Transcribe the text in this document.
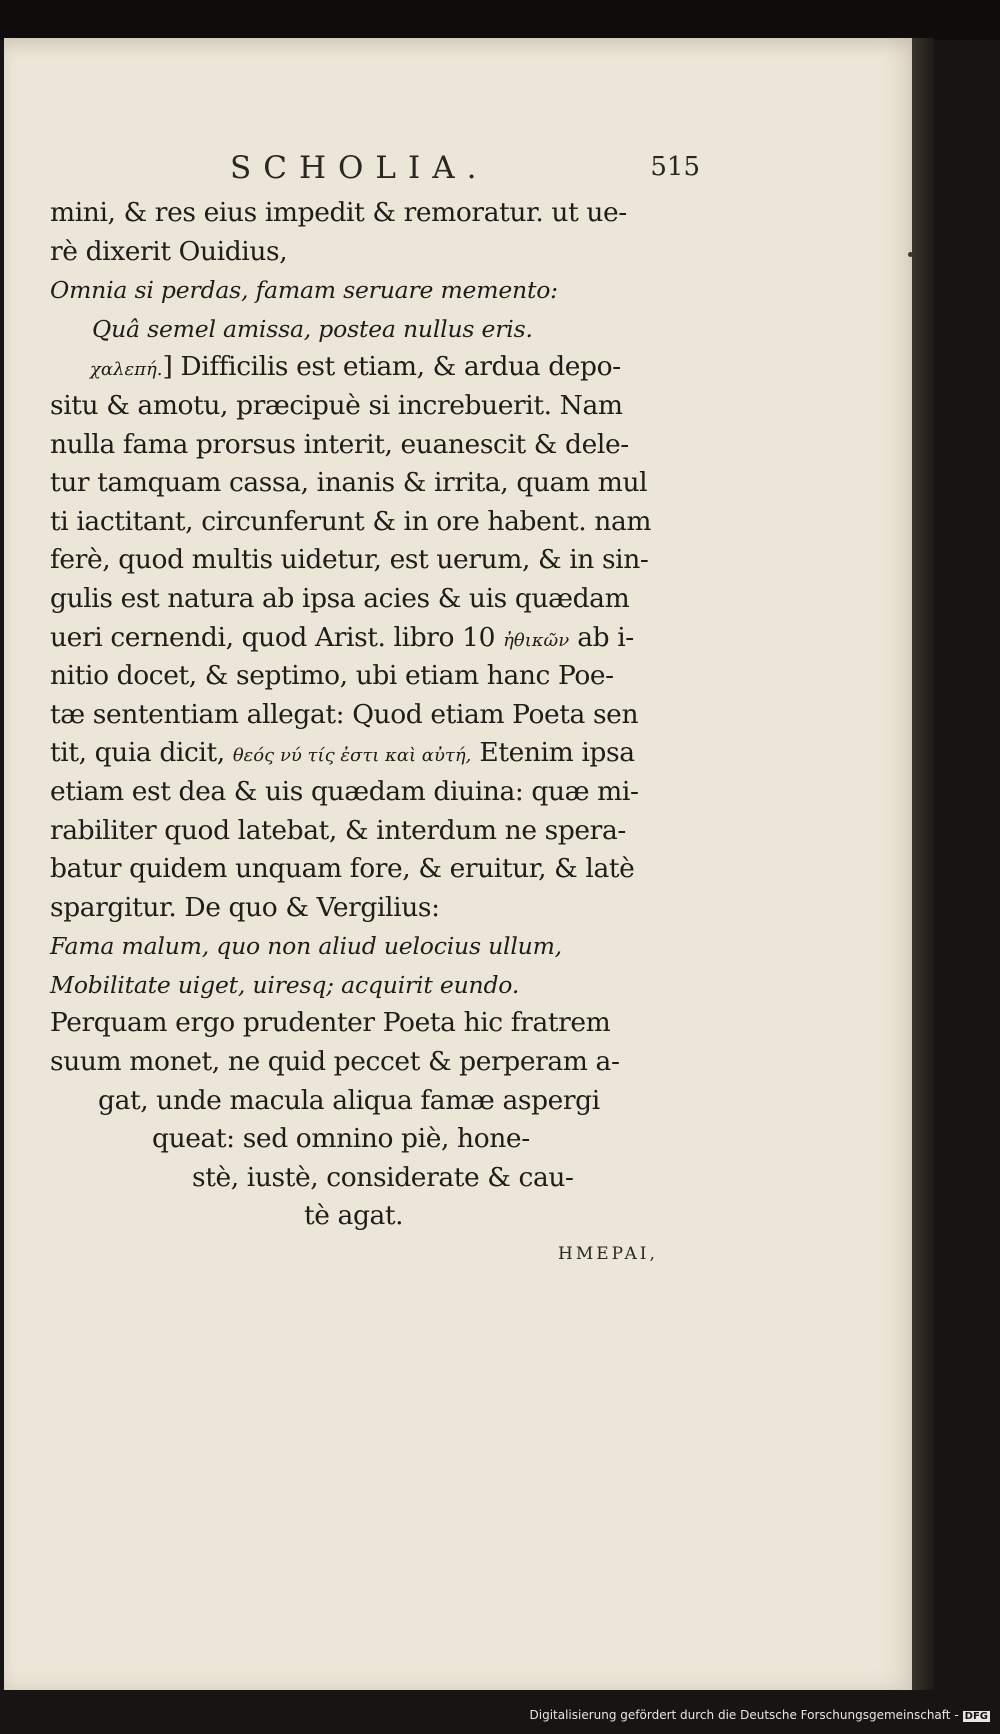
SCHOLIA.	515
mini, & res eius impedit & remoratur. ut ue-
rè dixerit Ouidius,
Omnia si perdas, famam seruare memento:
Quâ semel amissa, postea nullus eris.
χαλεπή.] Difficilis est etiam, & ardua depo-
situ & amotu, præcipuè si increbuerit. Nam
nulla fama prorsus interit, euanescit & dele-
tur tamquam cassa, inanis & irrita, quam mul
ti iactitant, circunferunt & in ore habent. nam
ferè, quod multis uidetur, est uerum, & in sin-
gulis est natura ab ipsa acies & uis quædam
ueri cernendi, quod Arist. libro 10 ἠθικῶν ab i-
nitio docet, & septimo, ubi etiam hanc Poe-
tæ sententiam allegat: Quod etiam Poeta sen
tit, quia dicit, θεός νύ τίς ἐστι καὶ αὐτή, Etenim ipsa
etiam est dea & uis quædam diuina: quæ mi-
rabiliter quod latebat, & interdum ne spera-
batur quidem unquam fore, & eruitur, & latè
spargitur. De quo & Vergilius:
Fama malum, quo non aliud uelocius ullum,
Mobilitate uiget, uiresq; acquirit eundo.
Perquam ergo prudenter Poeta hic fratrem
suum monet, ne quid peccet & perperam a-
gat, unde macula aliqua famæ aspergi
queat: sed omnino piè, hone-
stè, iustè, considerate & cau-
tè agat.
HMEPAI,
Digitalisierung gefördert durch die Deutsche Forschungsgemeinschaft - DFG
